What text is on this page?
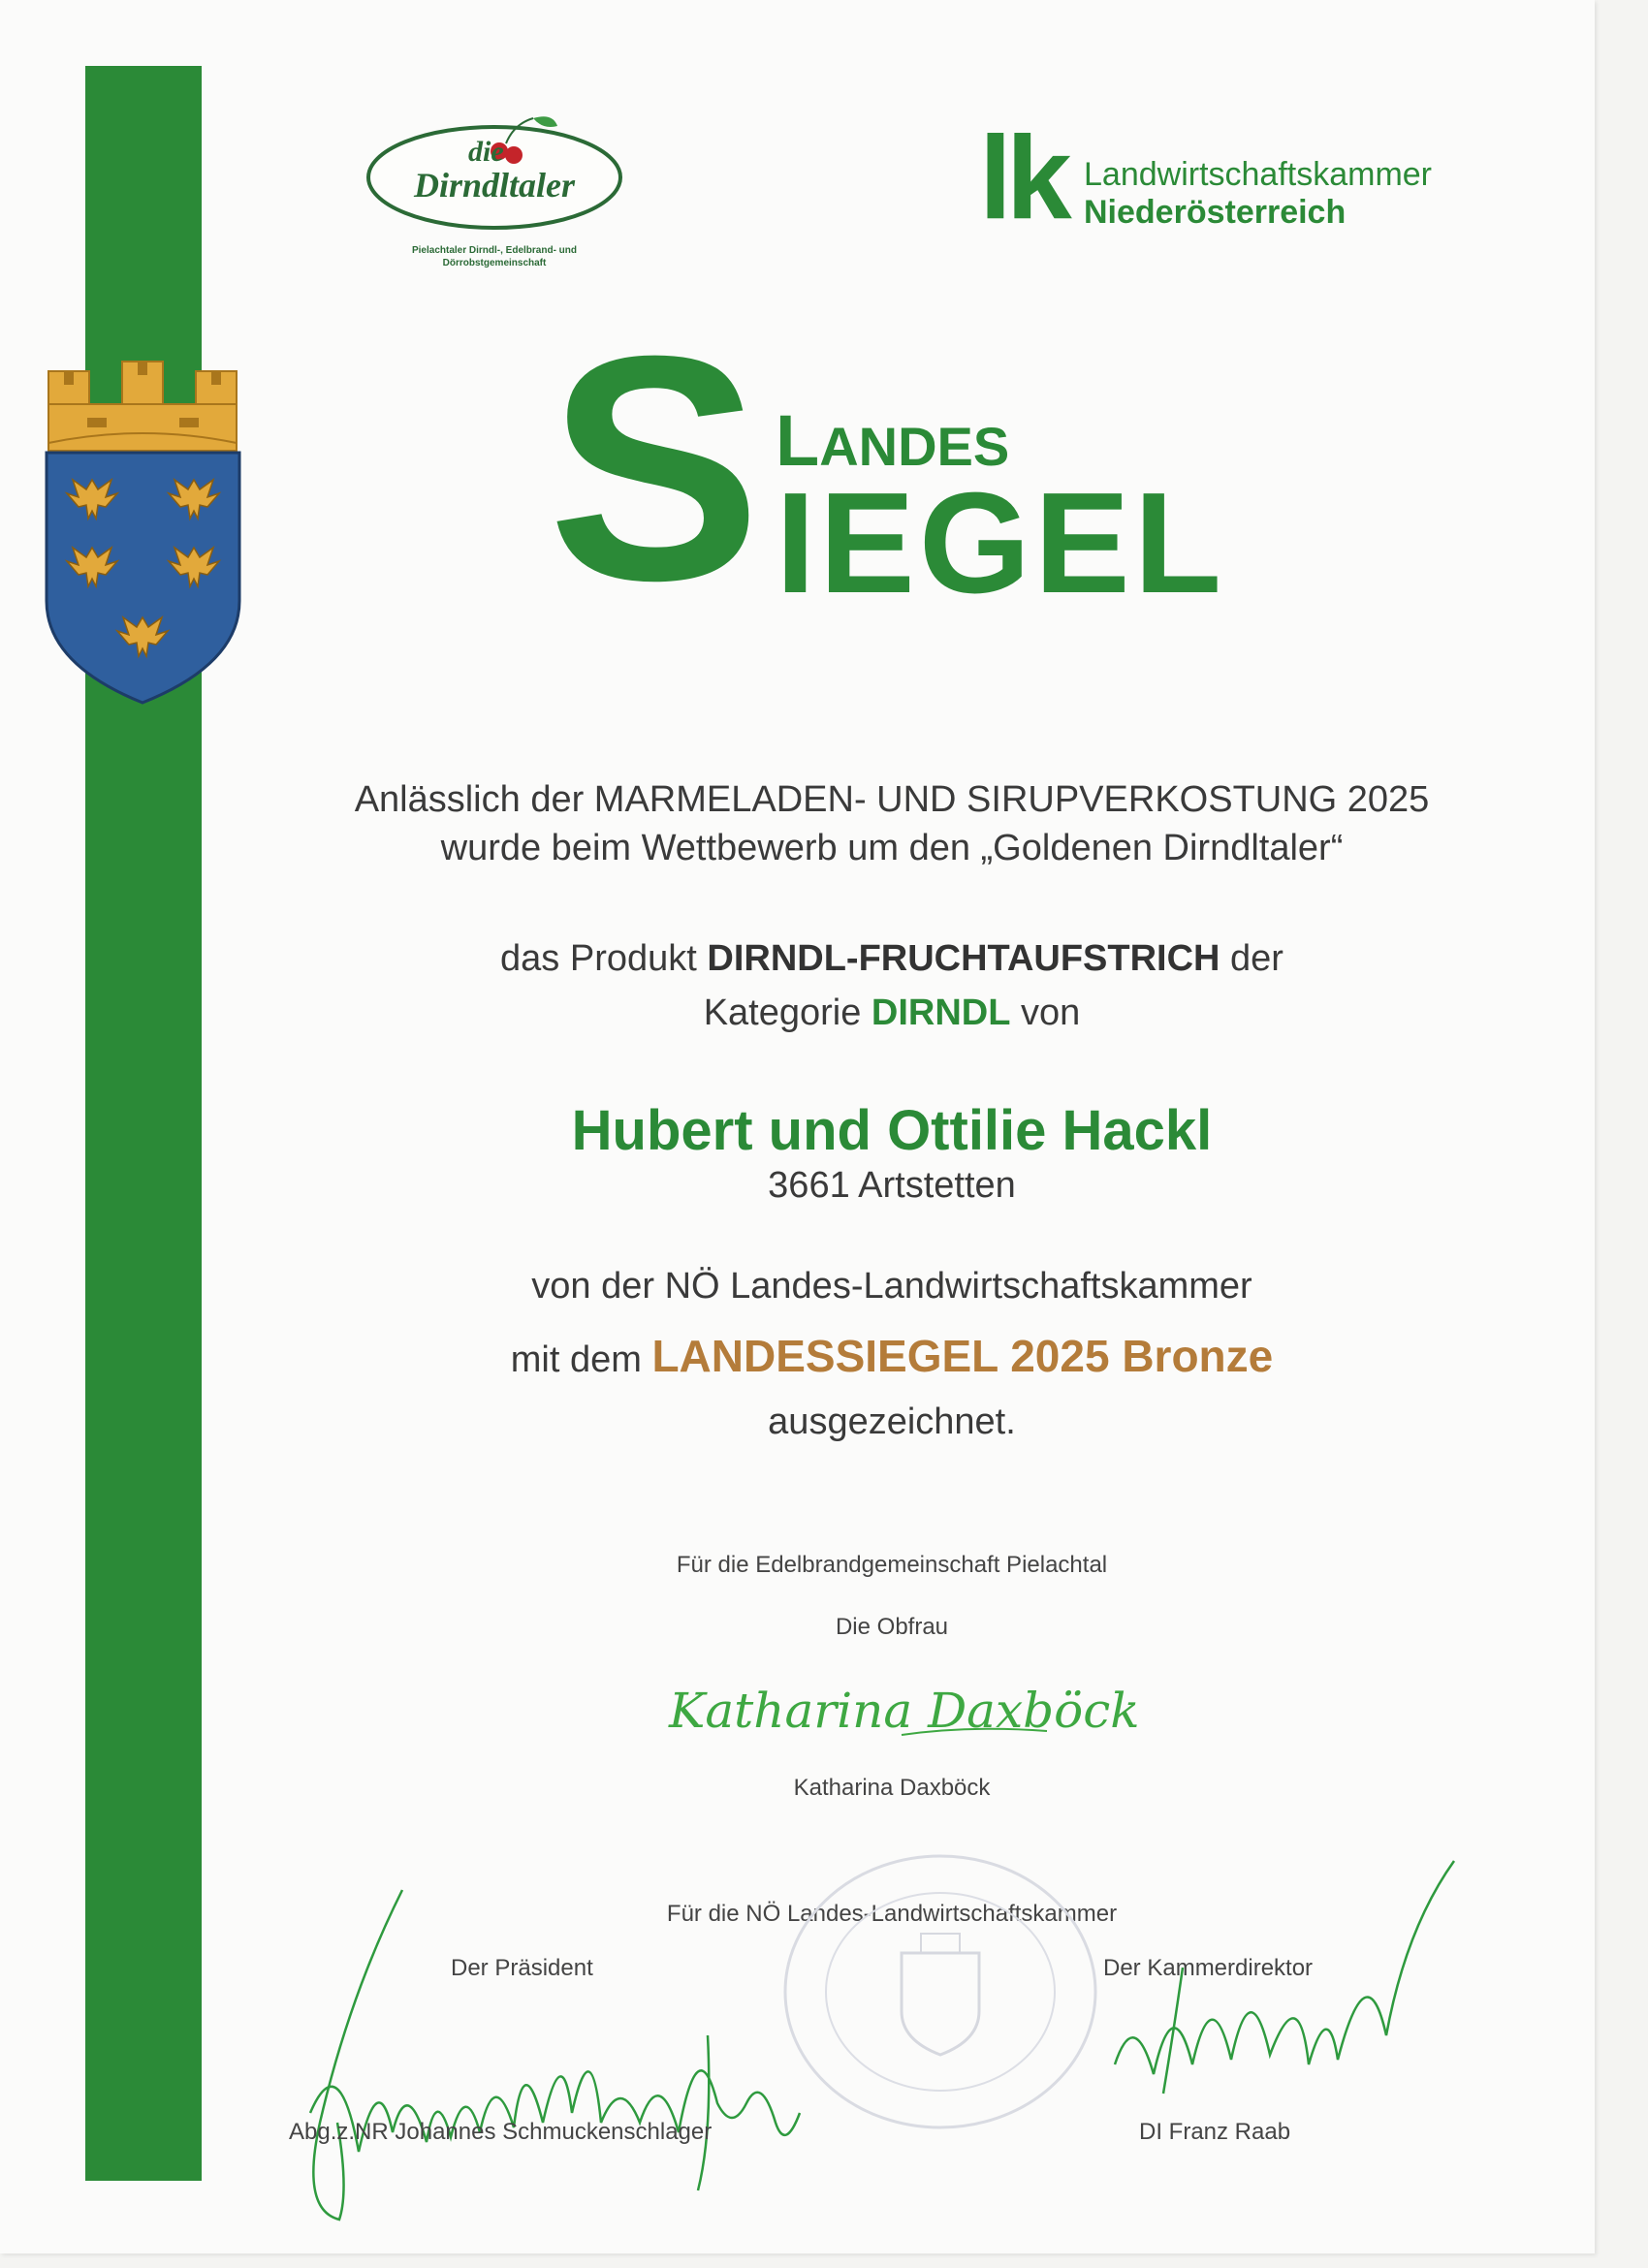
die
Dirndltaler
Pielachtaler Dirndl-, Edelbrand- und
Dörrobstgemeinschaft
lk Landwirtschaftskammer
Niederösterreich
S LANDES
IEGEL
Anlässlich der MARMELADEN- UND SIRUPVERKOSTUNG 2025
wurde beim Wettbewerb um den „Goldenen Dirndltaler“
das Produkt DIRNDL-FRUCHTAUFSTRICH der
Kategorie DIRNDL von
Hubert und Ottilie Hackl
3661 Artstetten
von der NÖ Landes-Landwirtschaftskammer
mit dem LANDESSIEGEL 2025 Bronze
ausgezeichnet.
Für die Edelbrandgemeinschaft Pielachtal
Die Obfrau
Katharina Daxböck
Katharina Daxböck
Für die NÖ Landes-Landwirtschaftskammer
Der Präsident	Der Kammerdirektor
Abg.z.NR Johannes Schmuckenschlager	DI Franz Raab
